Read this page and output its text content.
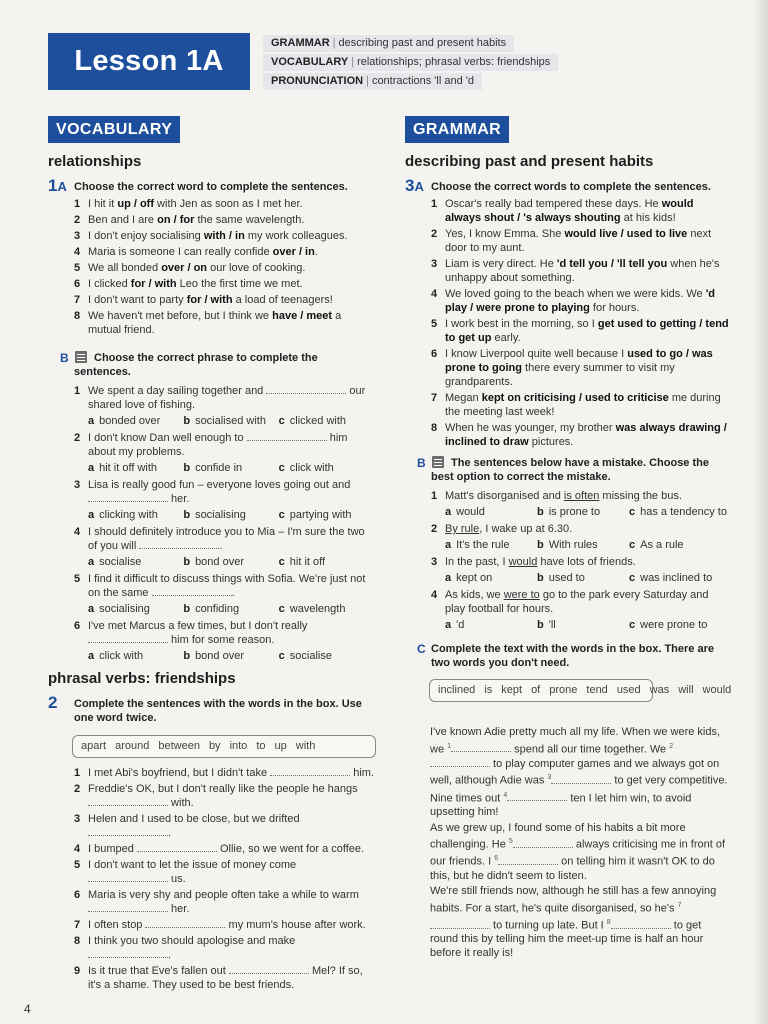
Lesson 1A
GRAMMAR | describing past and present habits
VOCABULARY | relationships; phrasal verbs: friendships
PRONUNCIATION | contractions 'll and 'd
VOCABULARY
relationships
1A Choose the correct word to complete the sentences.
1 I hit it up / off with Jen as soon as I met her.
2 Ben and I are on / for the same wavelength.
3 I don't enjoy socialising with / in my work colleagues.
4 Maria is someone I can really confide over / in.
5 We all bonded over / on our love of cooking.
6 I clicked for / with Leo the first time we met.
7 I don't want to party for / with a load of teenagers!
8 We haven't met before, but I think we have / meet a mutual friend.
B	Choose the correct phrase to complete the sentences.
1 We spent a day sailing together and	our shared love of fishing.
a bonded over	b socialised with	c clicked with
2 I don't know Dan well enough to	him about my problems.
a hit it off with	b confide in	c click with
3 Lisa is really good fun – everyone loves going out and  her.
a clicking with	b socialising	c partying with
4 I should definitely introduce you to Mia – I'm sure the two of you will	.
a socialise	b bond over	c hit it off
5 I find it difficult to discuss things with Sofia. We're just not on the same	.
a socialising	b confiding	c wavelength
6 I've met Marcus a few times, but I don't really  him for some reason.
a click with	b bond over	c socialise
phrasal verbs: friendships
2 Complete the sentences with the words in the box. Use one word twice.
apart around between by into to up with
1 I met Abi's boyfriend, but I didn't take	him.
2 Freddie's OK, but I don't really like the people he hangs  with.
3 Helen and I used to be close, but we drifted .
4 I bumped	Ollie, so we went for a coffee.
5 I don't want to let the issue of money come  us.
6 Maria is very shy and people often take a while to warm  her.
7 I often stop	my mum's house after work.
8 I think you two should apologise and make .
9 Is it true that Eve's fallen out	Mel? If so, it's a shame. They used to be best friends.
GRAMMAR
describing past and present habits
3A Choose the correct words to complete the sentences.
1 Oscar's really bad tempered these days. He would always shout / 's always shouting at his kids!
2 Yes, I know Emma. She would live / used to live next door to my aunt.
3 Liam is very direct. He 'd tell you / 'll tell you when he's unhappy about something.
4 We loved going to the beach when we were kids. We 'd play / were prone to playing for hours.
5 I work best in the morning, so I get used to getting / tend to get up early.
6 I know Liverpool quite well because I used to go / was prone to going there every summer to visit my grandparents.
7 Megan kept on criticising / used to criticise me during the meeting last week!
8 When he was younger, my brother was always drawing / inclined to draw pictures.
B	The sentences below have a mistake. Choose the best option to correct the mistake.
1 Matt's disorganised and is often missing the bus.
a would	b is prone to	c has a tendency to
2 By rule, I wake up at 6.30.
a It's the rule	b With rules	c As a rule
3 In the past, I would have lots of friends.
a kept on	b used to	c was inclined to
4 As kids, we were to go to the park every Saturday and play football for hours.
a 'd	b 'll	c were prone to
C Complete the text with the words in the box. There are two words you don't need.
inclined is kept of prone tend used was will would

I've known Adie pretty much all my life. When we were kids, we $^1$	spend all our time together. We $^2$ to play computer games and we always got on well, although Adie was $^3$	to get very competitive. Nine times out $^4$	ten I let him win, to avoid upsetting him!

As we grew up, I found some of his habits a bit more challenging. He $^5$	always criticising me in front of our friends. I $^6$	on telling him it wasn't OK to do this, but he didn't seem to listen.

We're still friends now, although he still has a few annoying habits. For a start, he's quite disorganised, so he's $^7$ to turning up late. But I $^8$	to get round this by telling him the meet-up time is half an hour before it really is!

4
